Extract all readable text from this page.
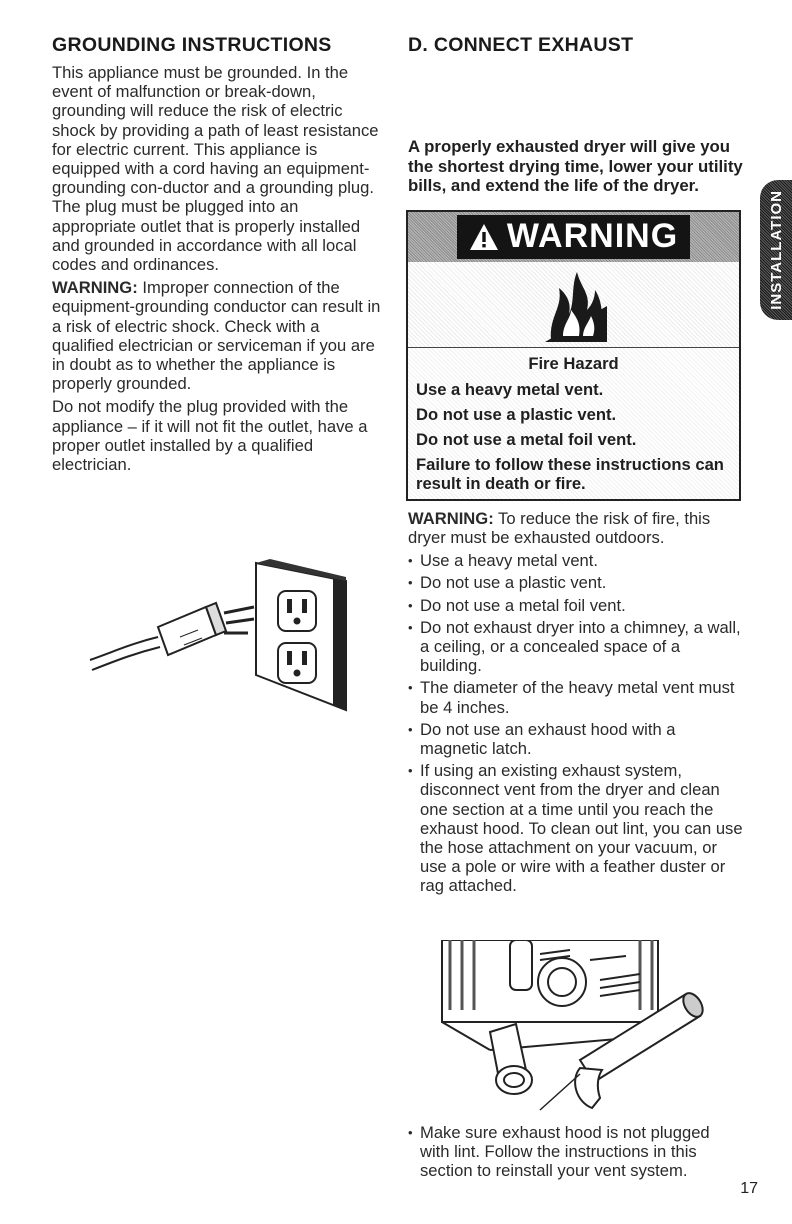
GROUNDING INSTRUCTIONS

This appliance must be grounded. In the event of malfunction or break-down, grounding will reduce the risk of electric shock by providing a path of least resistance for electric current. This appliance is equipped with a cord having an equipment-grounding con-ductor and a grounding plug. The plug must be plugged into an appropriate outlet that is properly installed and grounded in accordance with all local codes and ordinances.

WARNING: Improper connection of the equipment-grounding conductor can result in a risk of electric shock. Check with a qualified electrician or serviceman if you are in doubt as to whether the appliance is properly grounded.

Do not modify the plug provided with the appliance – if it will not fit the outlet, have a proper outlet installed by a qualified electrician.

D. CONNECT EXHAUST

A properly exhausted dryer will give you the shortest drying time, lower your utility bills, and extend the life of the dryer.

WARNING

Fire Hazard

Use a heavy metal vent.

Do not use a plastic vent.

Do not use a metal foil vent.

Failure to follow these instructions can result in death or fire.

WARNING: To reduce the risk of fire, this dryer must be exhausted outdoors.

• Use a heavy metal vent.
• Do not use a plastic vent.
• Do not use a metal foil vent.
• Do not exhaust dryer into a chimney, a wall, a ceiling, or a concealed space of a building.
• The diameter of the heavy metal vent must be 4 inches.
• Do not use an exhaust hood with a magnetic latch.
• If using an existing exhaust system, disconnect vent from the dryer and clean one section at a time until you reach the exhaust hood. To clean out lint, you can use the hose attachment on your vacuum, or use a pole or wire with a feather duster or rag attached.
• Make sure exhaust hood is not plugged with lint. Follow the instructions in this section to reinstall your vent system.
INSTALLATION
17
